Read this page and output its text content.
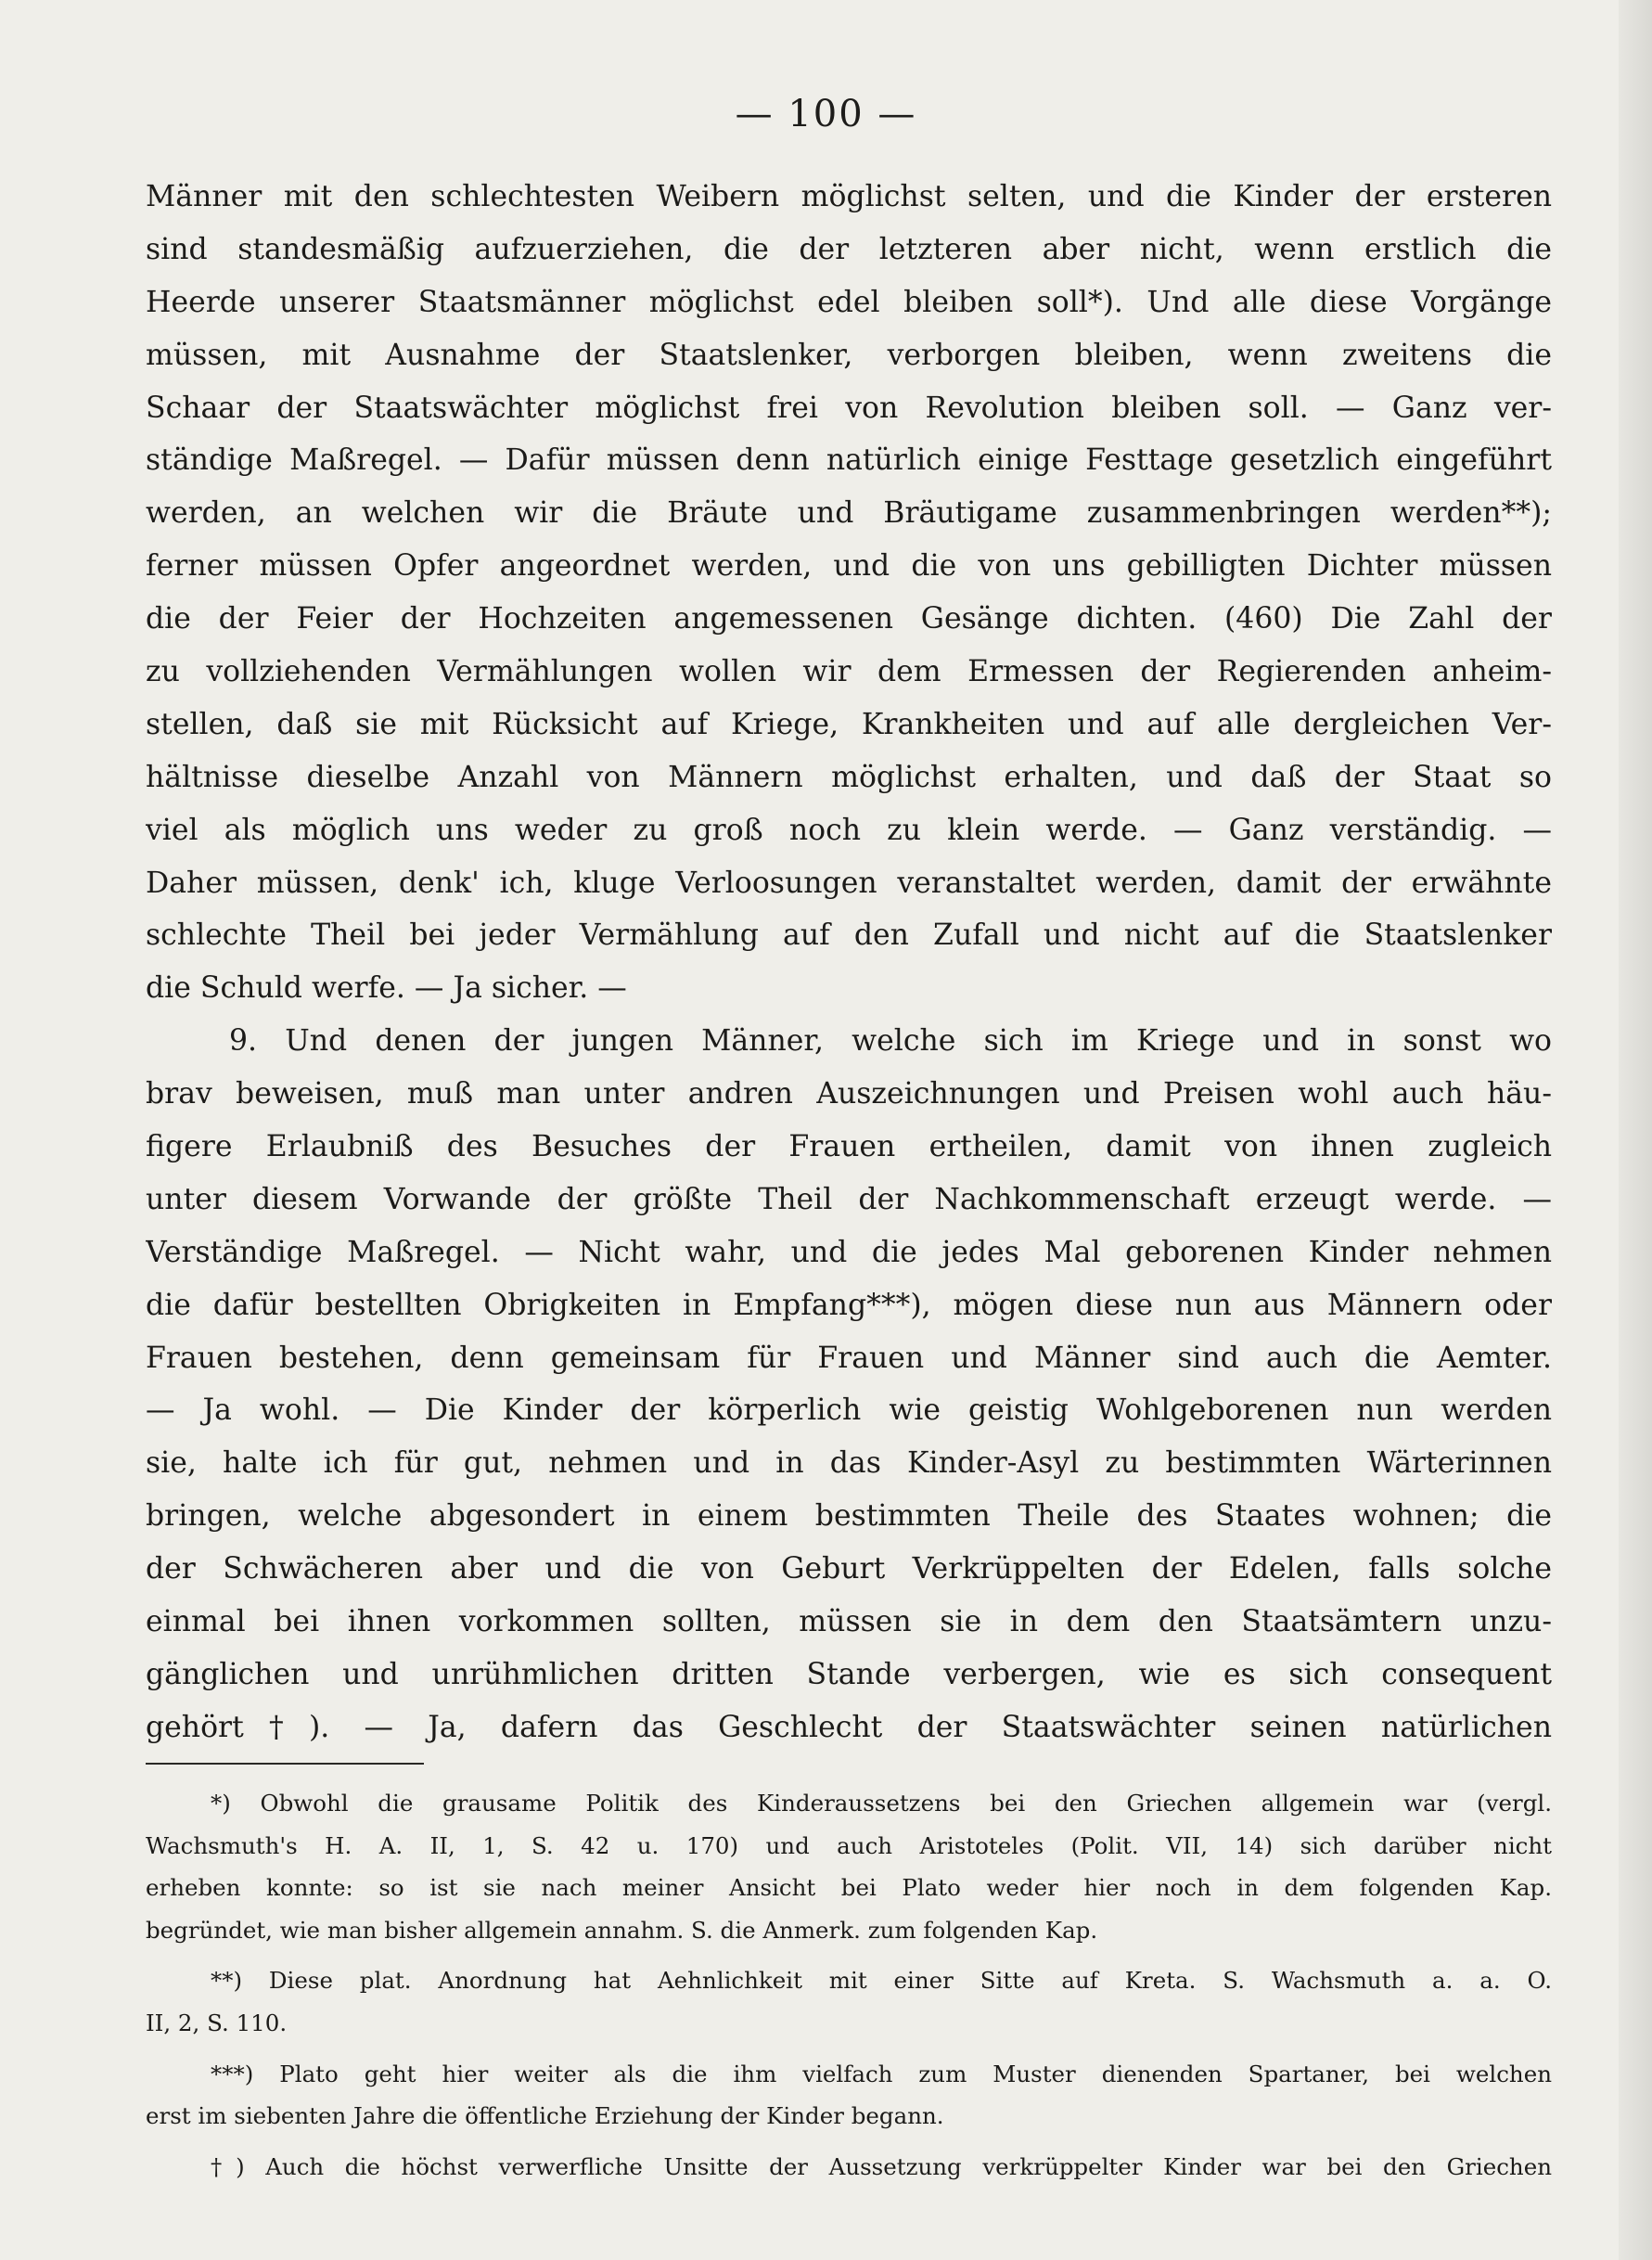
— 100 —
Männer mit den schlechtesten Weibern möglichst selten, und die Kinder der ersteren
sind standesmäßig aufzuerziehen, die der letzteren aber nicht, wenn erstlich die
Heerde unserer Staatsmänner möglichst edel bleiben soll*). Und alle diese Vorgänge
müssen, mit Ausnahme der Staatslenker, verborgen bleiben, wenn zweitens die
Schaar der Staatswächter möglichst frei von Revolution bleiben soll. — Ganz ver-
ständige Maßregel. — Dafür müssen denn natürlich einige Festtage gesetzlich eingeführt
werden, an welchen wir die Bräute und Bräutigame zusammenbringen werden**);
ferner müssen Opfer angeordnet werden, und die von uns gebilligten Dichter müssen
die der Feier der Hochzeiten angemessenen Gesänge dichten. (460) Die Zahl der
zu vollziehenden Vermählungen wollen wir dem Ermessen der Regierenden anheim-
stellen, daß sie mit Rücksicht auf Kriege, Krankheiten und auf alle dergleichen Ver-
hältnisse dieselbe Anzahl von Männern möglichst erhalten, und daß der Staat so
viel als möglich uns weder zu groß noch zu klein werde. — Ganz verständig. —
Daher müssen, denk' ich, kluge Verloosungen veranstaltet werden, damit der erwähnte
schlechte Theil bei jeder Vermählung auf den Zufall und nicht auf die Staatslenker
die Schuld werfe. — Ja sicher. —
9. Und denen der jungen Männer, welche sich im Kriege und in sonst wo
brav beweisen, muß man unter andren Auszeichnungen und Preisen wohl auch häu-
figere Erlaubniß des Besuches der Frauen ertheilen, damit von ihnen zugleich
unter diesem Vorwande der größte Theil der Nachkommenschaft erzeugt werde. —
Verständige Maßregel. — Nicht wahr, und die jedes Mal geborenen Kinder nehmen
die dafür bestellten Obrigkeiten in Empfang***), mögen diese nun aus Männern oder
Frauen bestehen, denn gemeinsam für Frauen und Männer sind auch die Aemter.
— Ja wohl. — Die Kinder der körperlich wie geistig Wohlgeborenen nun werden
sie, halte ich für gut, nehmen und in das Kinder-Asyl zu bestimmten Wärterinnen
bringen, welche abgesondert in einem bestimmten Theile des Staates wohnen; die
der Schwächeren aber und die von Geburt Verkrüppelten der Edelen, falls solche
einmal bei ihnen vorkommen sollten, müssen sie in dem den Staatsämtern unzu-
gänglichen und unrühmlichen dritten Stande verbergen, wie es sich consequent
gehört†). — Ja, dafern das Geschlecht der Staatswächter seinen natürlichen
*) Obwohl die grausame Politik des Kinderaussetzens bei den Griechen allgemein war (vergl.
Wachsmuth's H. A. II, 1, S. 42 u. 170) und auch Aristoteles (Polit. VII, 14) sich darüber nicht
erheben konnte: so ist sie nach meiner Ansicht bei Plato weder hier noch in dem folgenden Kap.
begründet, wie man bisher allgemein annahm. S. die Anmerk. zum folgenden Kap.
**) Diese plat. Anordnung hat Aehnlichkeit mit einer Sitte auf Kreta. S. Wachsmuth a. a. O.
II, 2, S. 110.
***) Plato geht hier weiter als die ihm vielfach zum Muster dienenden Spartaner, bei welchen
erst im siebenten Jahre die öffentliche Erziehung der Kinder begann.
†) Auch die höchst verwerfliche Unsitte der Aussetzung verkrüppelter Kinder war bei den Griechen
